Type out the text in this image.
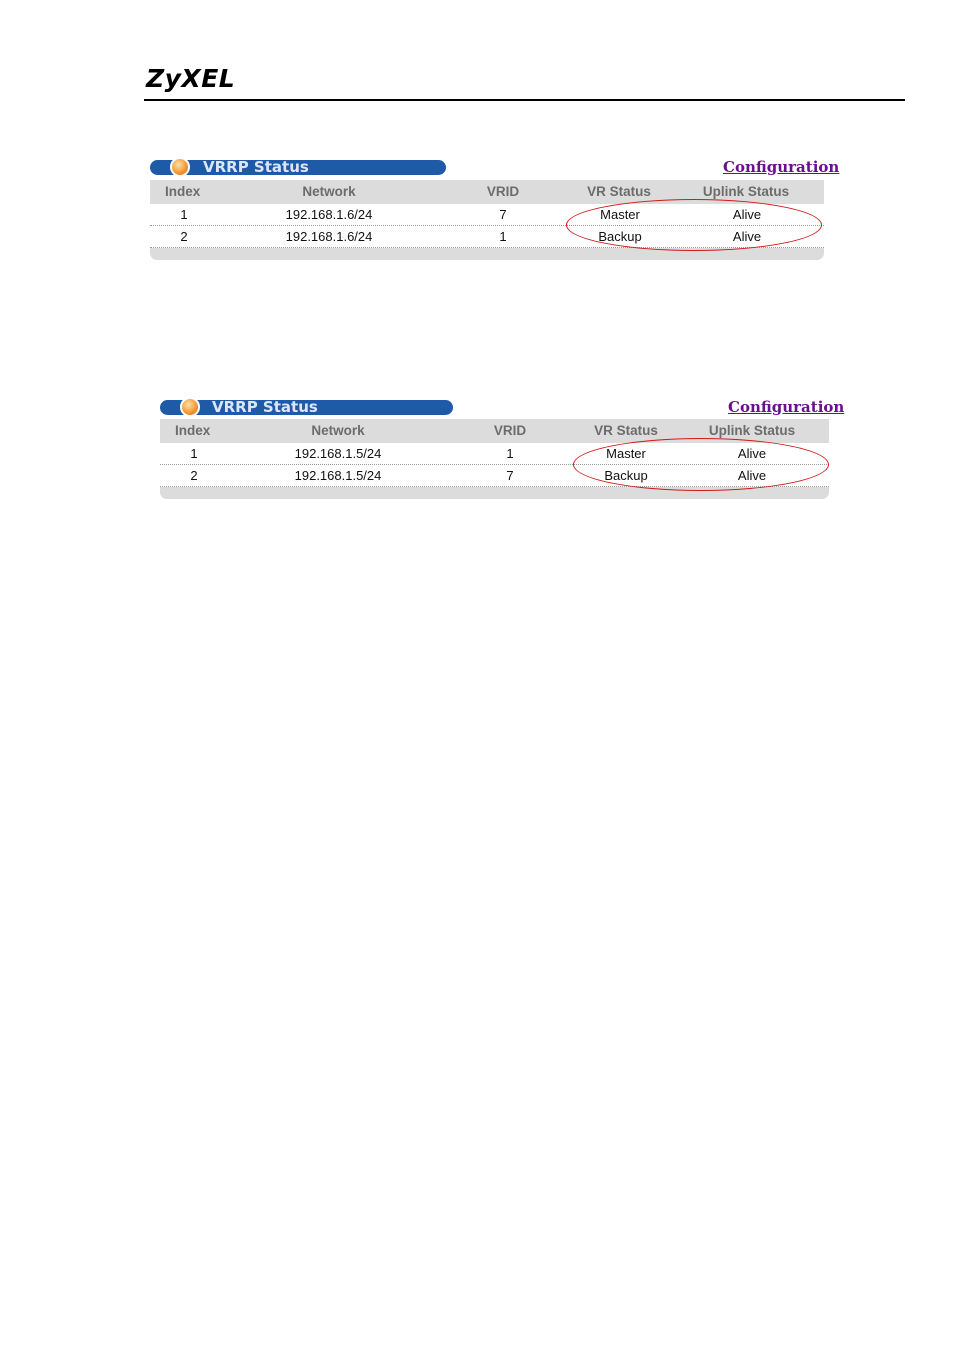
ZyXEL
VRRP Status	Configuration
Index	Network	VRID	VR Status	Uplink Status
1	192.168.1.6/24	7	Master	Alive
2	192.168.1.6/24	1	Backup	Alive
VRRP Status	Configuration
Index	Network	VRID	VR Status	Uplink Status
1	192.168.1.5/24	1	Master	Alive
2	192.168.1.5/24	7	Backup	Alive
